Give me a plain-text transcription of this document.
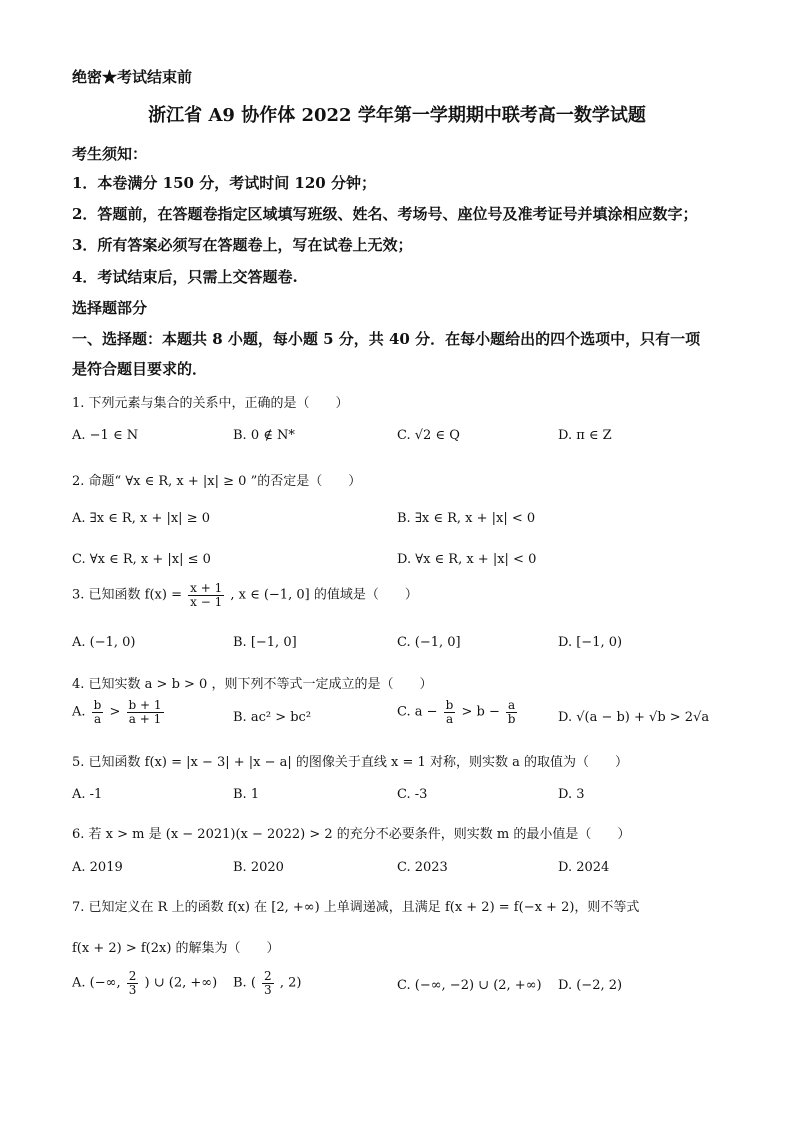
绝密★考试结束前
浙江省 A9 协作体 2022 学年第一学期期中联考高一数学试题
考生须知：
1．本卷满分 150 分，考试时间 120 分钟；
2．答题前，在答题卷指定区域填写班级、姓名、考场号、座位号及准考证号并填涂相应数字；
3．所有答案必须写在答题卷上，写在试卷上无效；
4．考试结束后，只需上交答题卷.
选择题部分
一、选择题：本题共 8 小题，每小题 5 分，共 40 分．在每小题给出的四个选项中，只有一项
是符合题目要求的．
1. 下列元素与集合的关系中，正确的是（　　）
A. −1 ∈ N	B. 0 ∉ N*	C. √2 ∈ Q	D. π ∈ Z
2. 命题“ ∀x ∈ R, x + |x| ≥ 0 ”的否定是（　　）
A. ∃x ∈ R, x + |x| ≥ 0	B. ∃x ∈ R, x + |x| < 0
C. ∀x ∈ R, x + |x| ≤ 0	D. ∀x ∈ R, x + |x| < 0
3. 已知函数 $f(x) = \frac{x + 1}{x - 1}$ , x ∈ (−1, 0] 的值域是（　　）
A. (−1, 0)	B. [−1, 0]	C. (−1, 0]	D. [−1, 0)
4. 已知实数 a > b > 0 ，则下列不等式一定成立的是（　　）
A. $\frac{b}{a} > \frac{b + 1}{a + 1}$	B. ac² > bc²	C. $a - \frac{b}{a} > b - \frac{a}{b}$	D. √(a − b) + √b > 2√a
5. 已知函数 f(x) = |x − 3| + |x − a| 的图像关于直线 x = 1 对称，则实数 a 的取值为（　　）
A. -1	B. 1	C. -3	D. 3
6. 若 x > m 是 (x − 2021)(x − 2022) > 2 的充分不必要条件，则实数 m 的最小值是（　　）
A. 2019	B. 2020	C. 2023	D. 2024
7. 已知定义在 R 上的函数 f(x) 在 [2, +∞) 上单调递减，且满足 f(x + 2) = f(−x + 2)，则不等式
f(x + 2) > f(2x) 的解集为（　　）
A. (−∞, $\frac{2}{3}$ ) ∪ (2, +∞) B. ( $\frac{2}{3}$ , 2)	C. (−∞, −2) ∪ (2, +∞) D. (−2, 2)
